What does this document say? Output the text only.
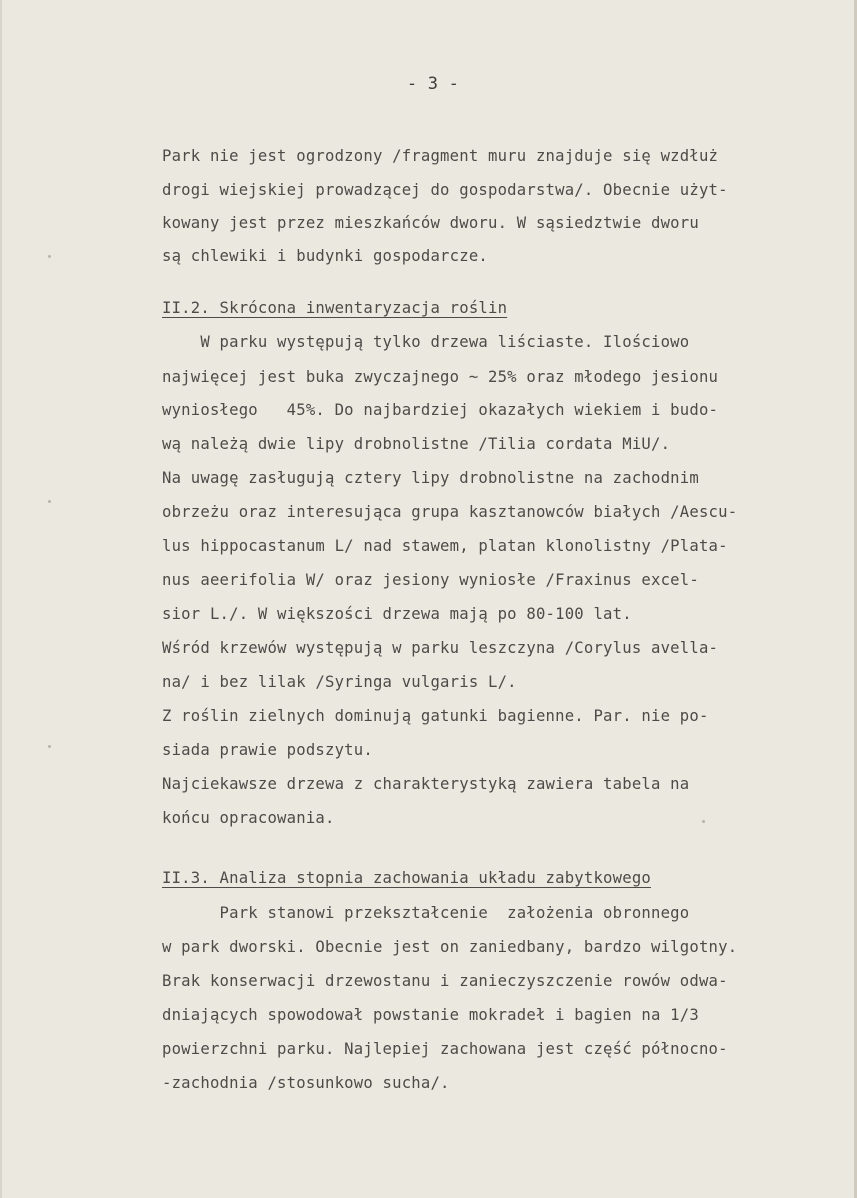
- 3 -
Park nie jest ogrodzony /fragment muru znajduje się wzdłuż
drogi wiejskiej prowadzącej do gospodarstwa/. Obecnie użyt-
kowany jest przez mieszkańców dworu. W sąsiedztwie dworu
są chlewiki i budynki gospodarcze.
II.2. Skrócona inwentaryzacja roślin
W parku występują tylko drzewa liściaste. Ilościowo
najwięcej jest buka zwyczajnego ~ 25% oraz młodego jesionu
wyniosłego   45%. Do najbardziej okazałych wiekiem i budo-
wą należą dwie lipy drobnolistne /Tilia cordata MiU/.
Na uwagę zasługują cztery lipy drobnolistne na zachodnim
obrzeżu oraz interesująca grupa kasztanowców białych /Aescu-
lus hippocastanum L/ nad stawem, platan klonolistny /Plata-
nus aeerifolia W/ oraz jesiony wyniosłe /Fraxinus excel-
sior L./. W większości drzewa mają po 80-100 lat.
Wśród krzewów występują w parku leszczyna /Corylus avella-
na/ i bez lilak /Syringa vulgaris L/.
Z roślin zielnych dominują gatunki bagienne. Par. nie po-
siada prawie podszytu.
Najciekawsze drzewa z charakterystyką zawiera tabela na
końcu opracowania.
II.3. Analiza stopnia zachowania układu zabytkowego
Park stanowi przekształcenie  założenia obronnego
w park dworski. Obecnie jest on zaniedbany, bardzo wilgotny.
Brak konserwacji drzewostanu i zanieczyszczenie rowów odwa-
dniających spowodował powstanie mokradeł i bagien na 1/3
powierzchni parku. Najlepiej zachowana jest część północno-
-zachodnia /stosunkowo sucha/.
